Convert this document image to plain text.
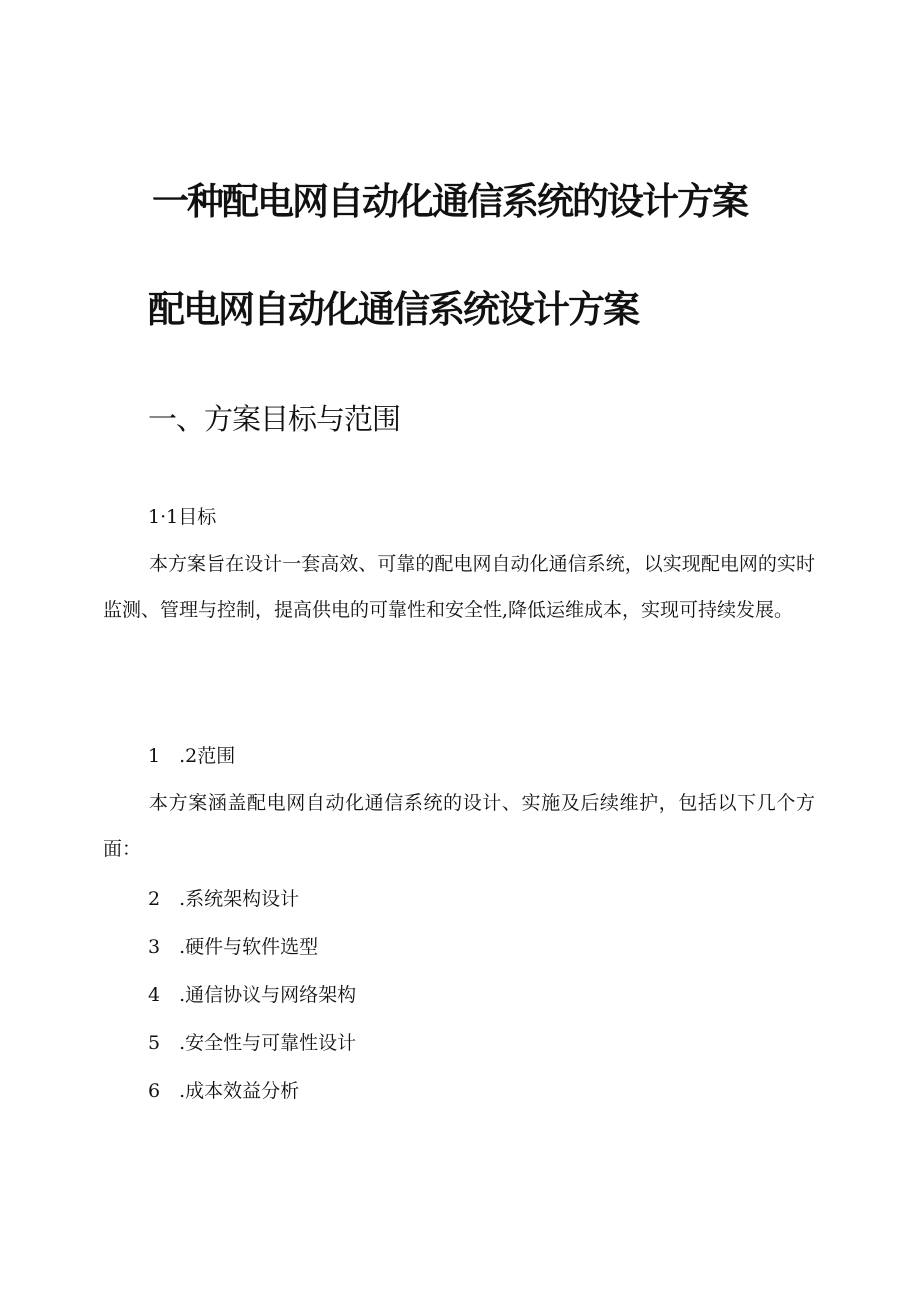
一种配电网自动化通信系统的设计方案
配电网自动化通信系统设计方案
一、方案目标与范围
1·1目标

本方案旨在设计一套高效、可靠的配电网自动化通信系统，以实现配电网的实时监测、管理与控制，提高供电的可靠性和安全性,降低运维成本，实现可持续发展。

1　.2范围

本方案涵盖配电网自动化通信系统的设计、实施及后续维护，包括以下几个方面：

2　.系统架构设计
3　.硬件与软件选型
4　.通信协议与网络架构
5　.安全性与可靠性设计
6　.成本效益分析
